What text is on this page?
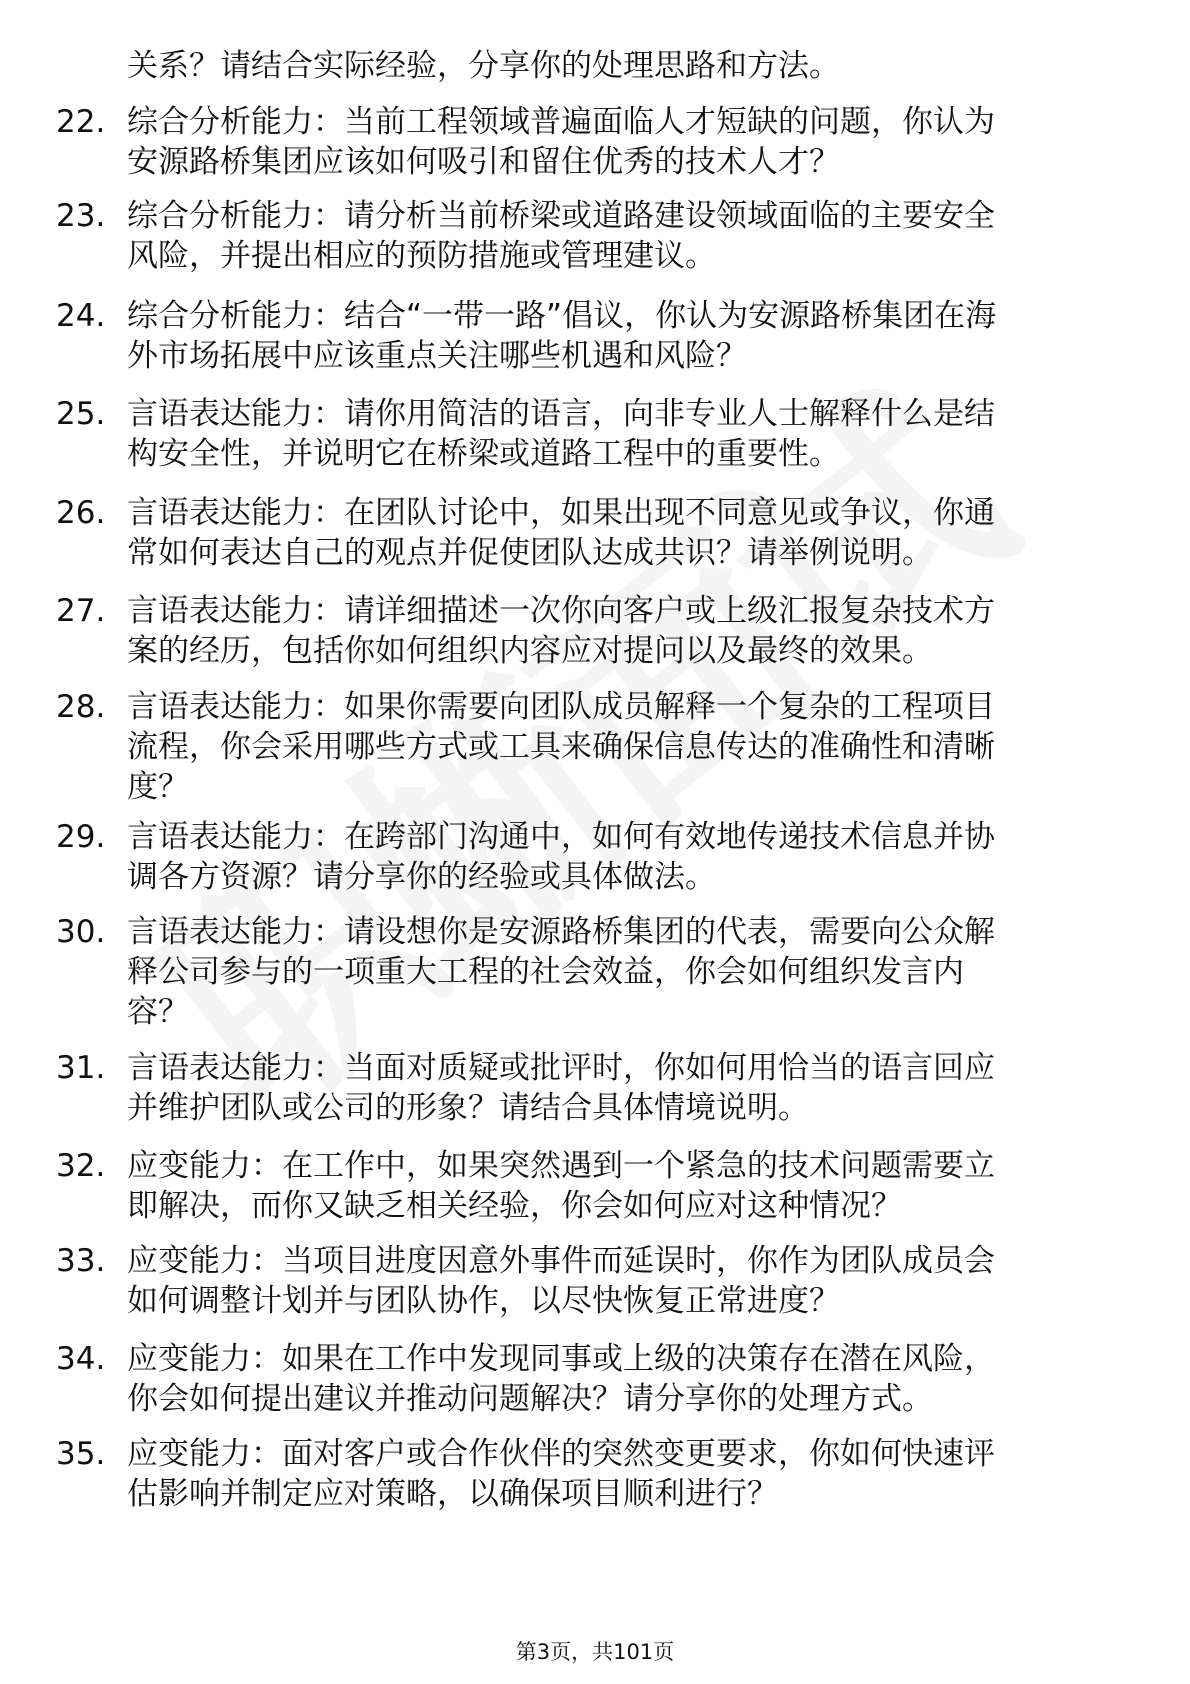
关系？请结合实际经验，分享你的处理思路和方法。
22. 综合分析能力：当前工程领域普遍面临人才短缺的问题，你认为
安源路桥集团应该如何吸引和留住优秀的技术人才？
23. 综合分析能力：请分析当前桥梁或道路建设领域面临的主要安全
风险，并提出相应的预防措施或管理建议。
24. 综合分析能力：结合“一带一路”倡议，你认为安源路桥集团在海
外市场拓展中应该重点关注哪些机遇和风险？
25. 言语表达能力：请你用简洁的语言，向非专业人士解释什么是结
构安全性，并说明它在桥梁或道路工程中的重要性。
26. 言语表达能力：在团队讨论中，如果出现不同意见或争议，你通
常如何表达自己的观点并促使团队达成共识？请举例说明。
27. 言语表达能力：请详细描述一次你向客户或上级汇报复杂技术方
案的经历，包括你如何组织内容应对提问以及最终的效果。
28. 言语表达能力：如果你需要向团队成员解释一个复杂的工程项目
流程，你会采用哪些方式或工具来确保信息传达的准确性和清晰
度？
29. 言语表达能力：在跨部门沟通中，如何有效地传递技术信息并协
调各方资源？请分享你的经验或具体做法。
30. 言语表达能力：请设想你是安源路桥集团的代表，需要向公众解
释公司参与的一项重大工程的社会效益，你会如何组织发言内
容？
31. 言语表达能力：当面对质疑或批评时，你如何用恰当的语言回应
并维护团队或公司的形象？请结合具体情境说明。
32. 应变能力：在工作中，如果突然遇到一个紧急的技术问题需要立
即解决，而你又缺乏相关经验，你会如何应对这种情况？
33. 应变能力：当项目进度因意外事件而延误时，你作为团队成员会
如何调整计划并与团队协作，以尽快恢复正常进度？
34. 应变能力：如果在工作中发现同事或上级的决策存在潜在风险，
你会如何提出建议并推动问题解决？请分享你的处理方式。
35. 应变能力：面对客户或合作伙伴的突然变更要求，你如何快速评
估影响并制定应对策略，以确保项目顺利进行？
第3页，共101页
